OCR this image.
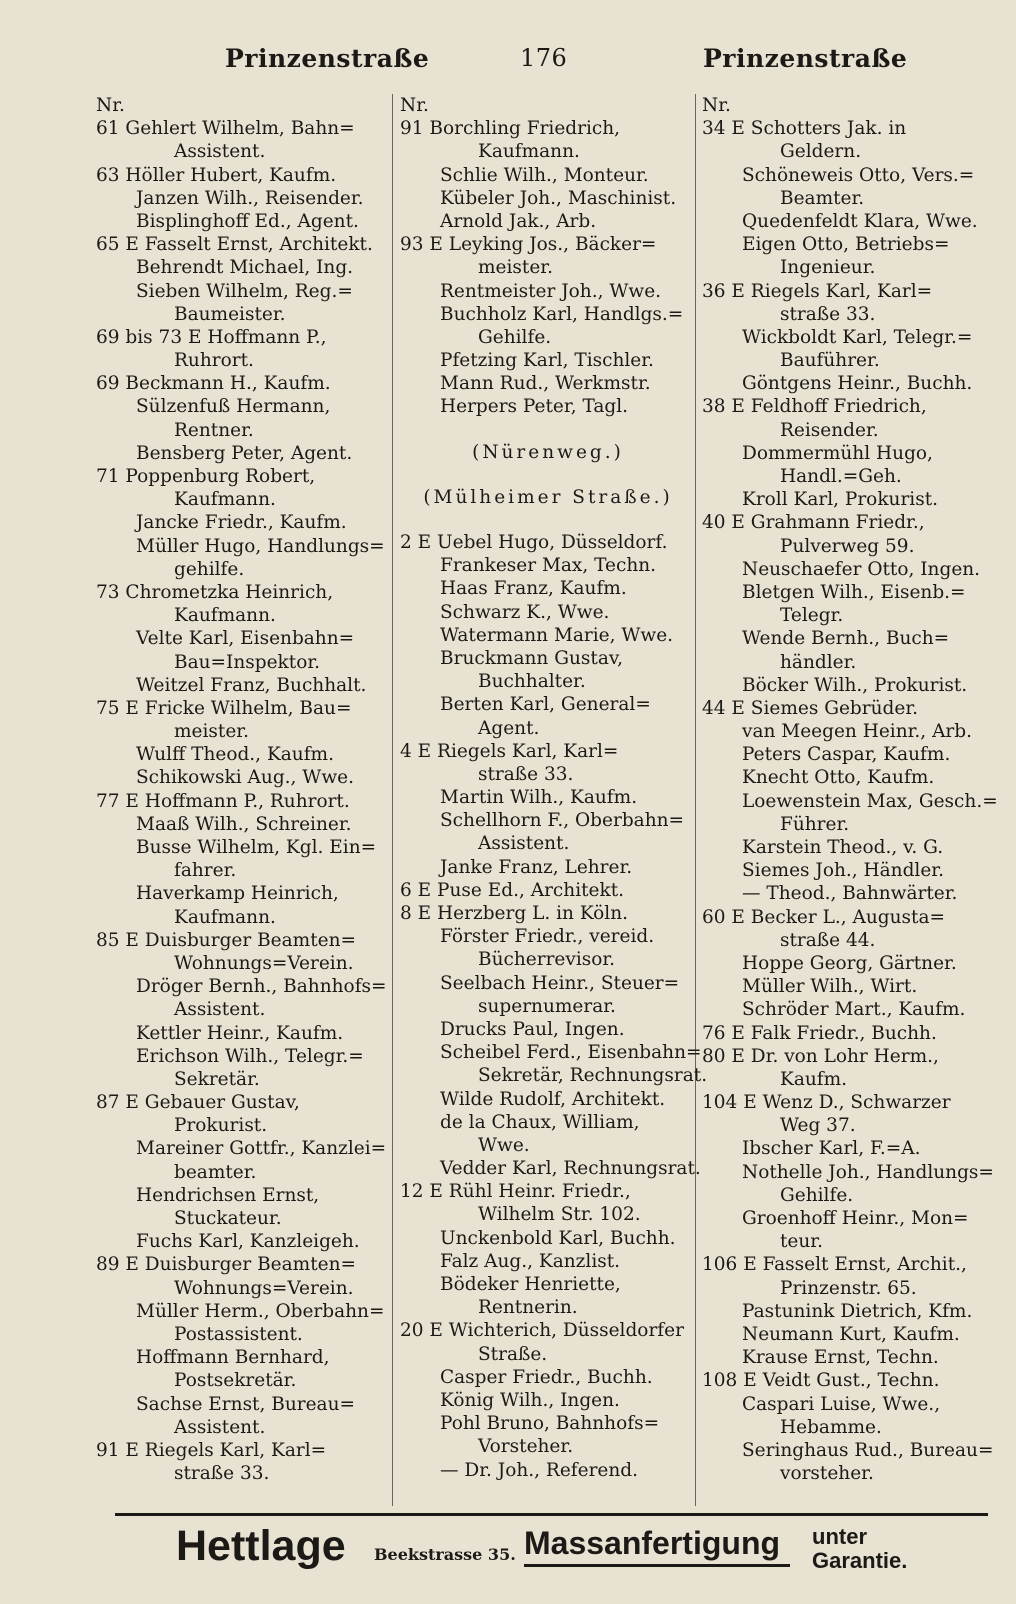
Prinzenstraße	176	Prinzenstraße
Nr.
61 Gehlert Wilhelm, Bahn=
Assistent.
63 Höller Hubert, Kaufm.
Janzen Wilh., Reisender.
Bisplinghoff Ed., Agent.
65 E Fasselt Ernst, Architekt.
Behrendt Michael, Ing.
Sieben Wilhelm, Reg.=
Baumeister.
69 bis 73 E Hoffmann P.,
Ruhrort.
69 Beckmann H., Kaufm.
Sülzenfuß Hermann,
Rentner.
Bensberg Peter, Agent.
71 Poppenburg Robert,
Kaufmann.
Jancke Friedr., Kaufm.
Müller Hugo, Handlungs=
gehilfe.
73 Chrometzka Heinrich,
Kaufmann.
Velte Karl, Eisenbahn=
Bau=Inspektor.
Weitzel Franz, Buchhalt.
75 E Fricke Wilhelm, Bau=
meister.
Wulff Theod., Kaufm.
Schikowski Aug., Wwe.
77 E Hoffmann P., Ruhrort.
Maaß Wilh., Schreiner.
Busse Wilhelm, Kgl. Ein=
fahrer.
Haverkamp Heinrich,
Kaufmann.
85 E Duisburger Beamten=
Wohnungs=Verein.
Dröger Bernh., Bahnhofs=
Assistent.
Kettler Heinr., Kaufm.
Erichson Wilh., Telegr.=
Sekretär.
87 E Gebauer Gustav,
Prokurist.
Mareiner Gottfr., Kanzlei=
beamter.
Hendrichsen Ernst,
Stuckateur.
Fuchs Karl, Kanzleigeh.
89 E Duisburger Beamten=
Wohnungs=Verein.
Müller Herm., Oberbahn=
Postassistent.
Hoffmann Bernhard,
Postsekretär.
Sachse Ernst, Bureau=
Assistent.
91 E Riegels Karl, Karl=
straße 33.
Nr.
91 Borchling Friedrich,
Kaufmann.
Schlie Wilh., Monteur.
Kübeler Joh., Maschinist.
Arnold Jak., Arb.
93 E Leyking Jos., Bäcker=
meister.
Rentmeister Joh., Wwe.
Buchholz Karl, Handlgs.=
Gehilfe.
Pfetzing Karl, Tischler.
Mann Rud., Werkmstr.
Herpers Peter, Tagl.
(Nürenweg.)
(Mülheimer Straße.)
2 E Uebel Hugo, Düsseldorf.
Frankeser Max, Techn.
Haas Franz, Kaufm.
Schwarz K., Wwe.
Watermann Marie, Wwe.
Bruckmann Gustav,
Buchhalter.
Berten Karl, General=
Agent.
4 E Riegels Karl, Karl=
straße 33.
Martin Wilh., Kaufm.
Schellhorn F., Oberbahn=
Assistent.
Janke Franz, Lehrer.
6 E Puse Ed., Architekt.
8 E Herzberg L. in Köln.
Förster Friedr., vereid.
Bücherrevisor.
Seelbach Heinr., Steuer=
supernumerar.
Drucks Paul, Ingen.
Scheibel Ferd., Eisenbahn=
Sekretär, Rechnungsrat.
Wilde Rudolf, Architekt.
de la Chaux, William,
Wwe.
Vedder Karl, Rechnungsrat.
12 E Rühl Heinr. Friedr.,
Wilhelm Str. 102.
Unckenbold Karl, Buchh.
Falz Aug., Kanzlist.
Bödeker Henriette,
Rentnerin.
20 E Wichterich, Düsseldorfer
Straße.
Casper Friedr., Buchh.
König Wilh., Ingen.
Pohl Bruno, Bahnhofs=
Vorsteher.
— Dr. Joh., Referend.
Nr.
34 E Schotters Jak. in
Geldern.
Schöneweis Otto, Vers.=
Beamter.
Quedenfeldt Klara, Wwe.
Eigen Otto, Betriebs=
Ingenieur.
36 E Riegels Karl, Karl=
straße 33.
Wickboldt Karl, Telegr.=
Bauführer.
Göntgens Heinr., Buchh.
38 E Feldhoff Friedrich,
Reisender.
Dommermühl Hugo,
Handl.=Geh.
Kroll Karl, Prokurist.
40 E Grahmann Friedr.,
Pulverweg 59.
Neuschaefer Otto, Ingen.
Bletgen Wilh., Eisenb.=
Telegr.
Wende Bernh., Buch=
händler.
Böcker Wilh., Prokurist.
44 E Siemes Gebrüder.
van Meegen Heinr., Arb.
Peters Caspar, Kaufm.
Knecht Otto, Kaufm.
Loewenstein Max, Gesch.=
Führer.
Karstein Theod., v. G.
Siemes Joh., Händler.
— Theod., Bahnwärter.
60 E Becker L., Augusta=
straße 44.
Hoppe Georg, Gärtner.
Müller Wilh., Wirt.
Schröder Mart., Kaufm.
76 E Falk Friedr., Buchh.
80 E Dr. von Lohr Herm.,
Kaufm.
104 E Wenz D., Schwarzer
Weg 37.
Ibscher Karl, F.=A.
Nothelle Joh., Handlungs=
Gehilfe.
Groenhoff Heinr., Mon=
teur.
106 E Fasselt Ernst, Archit.,
Prinzenstr. 65.
Pastunink Dietrich, Kfm.
Neumann Kurt, Kaufm.
Krause Ernst, Techn.
108 E Veidt Gust., Techn.
Caspari Luise, Wwe.,
Hebamme.
Seringhaus Rud., Bureau=
vorsteher.
Hettlage Beekstrasse 35. Massanfertigung unter
Garantie.
